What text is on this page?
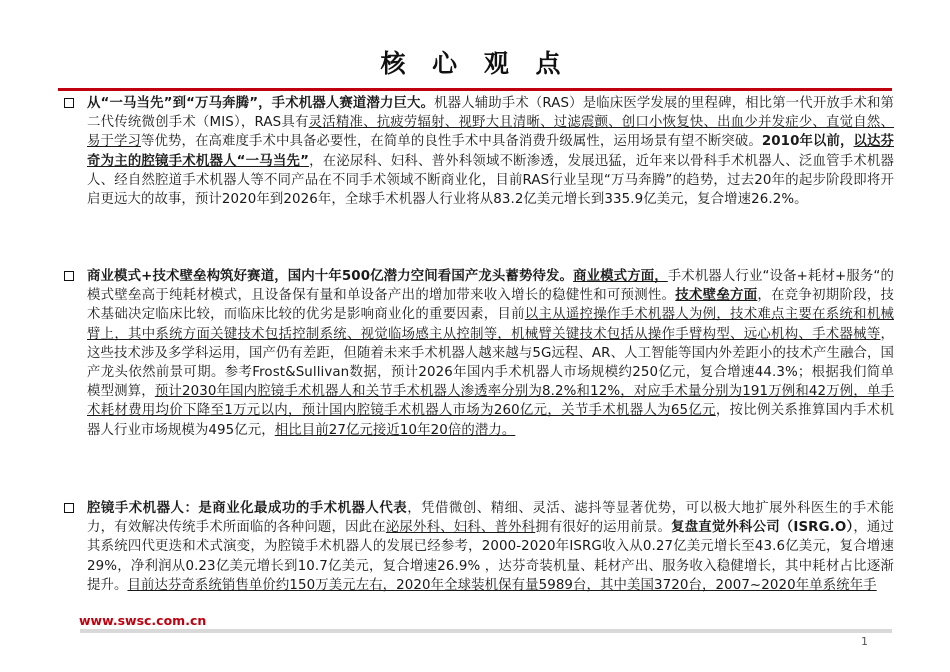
核 心 观 点
从“一马当先”到“万马奔腾”，手术机器人赛道潜力巨大。机器人辅助手术（RAS）是临床医学发展的里程碑，相比第一代开放手术和第二代传统微创手术（MIS），RAS具有灵活精准、抗疲劳辐射、视野大且清晰、过滤震颤、创口小恢复快、出血少并发症少、直觉自然、易于学习等优势，在高难度手术中具备必要性，在简单的良性手术中具备消费升级属性，运用场景有望不断突破。2010年以前，以达芬奇为主的腔镜手术机器人“一马当先”，在泌尿科、妇科、普外科领域不断渗透，发展迅猛，近年来以骨科手术机器人、泛血管手术机器人、经自然腔道手术机器人等不同产品在不同手术领域不断商业化，目前RAS行业呈现“万马奔腾”的趋势，过去20年的起步阶段即将开启更远大的故事，预计2020年到2026年，全球手术机器人行业将从83.2亿美元增长到335.9亿美元，复合增速26.2%。
商业模式+技术壁垒构筑好赛道，国内十年500亿潜力空间看国产龙头蓄势待发。商业模式方面，手术机器人行业“设备+耗材+服务“的模式壁垒高于纯耗材模式，且设备保有量和单设备产出的增加带来收入增长的稳健性和可预测性。技术壁垒方面，在竞争初期阶段，技术基础决定临床比较，而临床比较的优劣是影响商业化的重要因素，目前以主从遥控操作手术机器人为例，技术难点主要在系统和机械臂上，其中系统方面关键技术包括控制系统、视觉临场感主从控制等，机械臂关键技术包括从操作手臂构型、远心机构、手术器械等，这些技术涉及多学科运用，国产仍有差距，但随着未来手术机器人越来越与5G远程、AR、人工智能等国内外差距小的技术产生融合，国产龙头依然前景可期。参考Frost&Sullivan数据，预计2026年国内手术机器人市场规模约250亿元，复合增速44.3%；根据我们简单模型测算，预计2030年国内腔镜手术机器人和关节手术机器人渗透率分别为8.2%和12%，对应手术量分别为191万例和42万例，单手术耗材费用均价下降至1万元以内，预计国内腔镜手术机器人市场为260亿元，关节手术机器人为65亿元，按比例关系推算国内手术机器人行业市场规模为495亿元，相比目前27亿元接近10年20倍的潜力。
腔镜手术机器人：是商业化最成功的手术机器人代表，凭借微创、精细、灵活、滤抖等显著优势，可以极大地扩展外科医生的手术能力，有效解决传统手术所面临的各种问题，因此在泌尿外科、妇科、普外科拥有很好的运用前景。复盘直觉外科公司（ISRG.O），通过其系统四代更迭和术式演变，为腔镜手术机器人的发展已经参考，2000-2020年ISRG收入从0.27亿美元增长至43.6亿美元，复合增速29%，净利润从0.23亿美元增长到10.7亿美元，复合增速26.9% ，达芬奇装机量、耗材产出、服务收入稳健增长，其中耗材占比逐渐提升。目前达芬奇系统销售单价约150万美元左右，2020年全球装机保有量5989台，其中美国3720台，2007~2020年单系统年手
www.swsc.com.cn
1
